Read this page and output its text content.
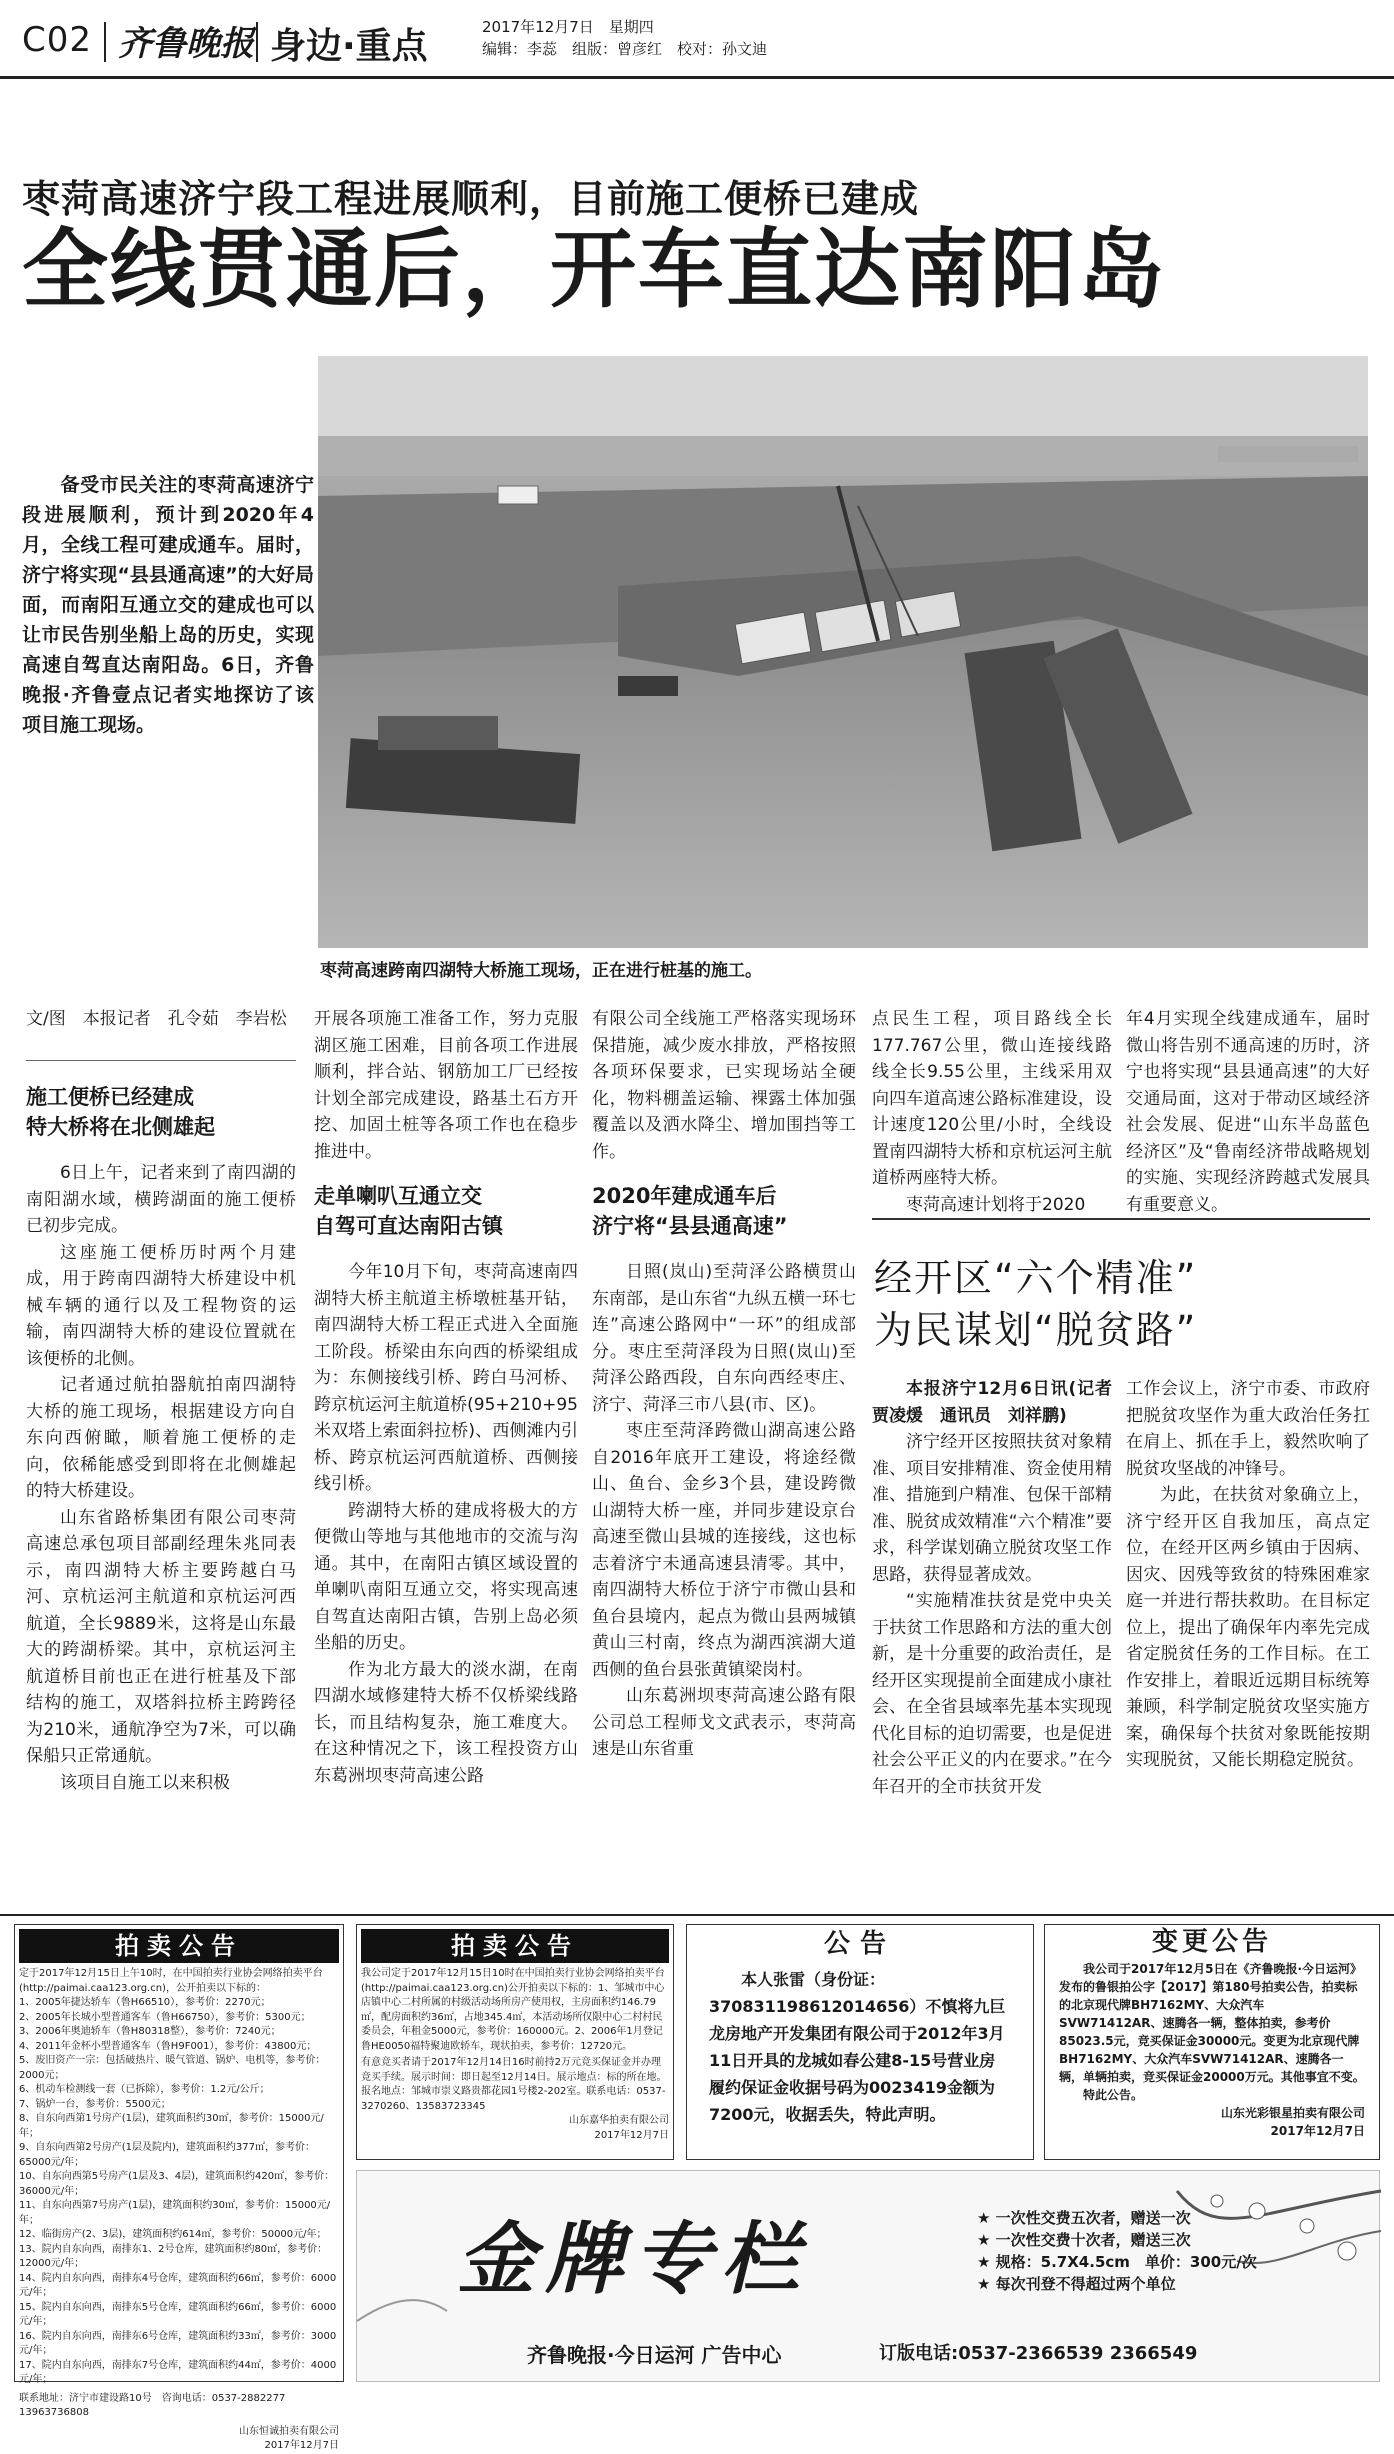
C02 齐鲁晚报 身边·重点	2017年12月7日　星期四
编辑：李蕊　组版：曾彦红　校对：孙文迪
枣菏高速济宁段工程进展顺利，目前施工便桥已建成
全线贯通后，开车直达南阳岛
备受市民关注的枣菏高速济宁段进展顺利，预计到2020年4月，全线工程可建成通车。届时，济宁将实现“县县通高速”的大好局面，而南阳互通立交的建成也可以让市民告别坐船上岛的历史，实现高速自驾直达南阳岛。6日，齐鲁晚报·齐鲁壹点记者实地探访了该项目施工现场。
枣菏高速跨南四湖特大桥施工现场，正在进行桩基的施工。
文/图　本报记者　孔令茹　李岩松
施工便桥已经建成
特大桥将在北侧雄起

6日上午，记者来到了南四湖的南阳湖水域，横跨湖面的施工便桥已初步完成。

这座施工便桥历时两个月建成，用于跨南四湖特大桥建设中机械车辆的通行以及工程物资的运输，南四湖特大桥的建设位置就在该便桥的北侧。

记者通过航拍器航拍南四湖特大桥的施工现场，根据建设方向自东向西俯瞰，顺着施工便桥的走向，依稀能感受到即将在北侧雄起的特大桥建设。

山东省路桥集团有限公司枣菏高速总承包项目部副经理朱兆同表示，南四湖特大桥主要跨越白马河、京杭运河主航道和京杭运河西航道，全长9889米，这将是山东最大的跨湖桥梁。其中，京杭运河主航道桥目前也正在进行桩基及下部结构的施工，双塔斜拉桥主跨跨径为210米，通航净空为7米，可以确保船只正常通航。

该项目自施工以来积极

开展各项施工准备工作，努力克服湖区施工困难，目前各项工作进展顺利，拌合站、钢筋加工厂已经按计划全部完成建设，路基土石方开挖、加固土桩等各项工作也在稳步推进中。

走单喇叭互通立交
自驾可直达南阳古镇

今年10月下旬，枣菏高速南四湖特大桥主航道主桥墩桩基开钻，南四湖特大桥工程正式进入全面施工阶段。桥梁由东向西的桥梁组成为：东侧接线引桥、跨白马河桥、跨京杭运河主航道桥(95+210+95米双塔上索面斜拉桥)、西侧滩内引桥、跨京杭运河西航道桥、西侧接线引桥。

跨湖特大桥的建成将极大的方便微山等地与其他地市的交流与沟通。其中，在南阳古镇区域设置的单喇叭南阳互通立交，将实现高速自驾直达南阳古镇，告别上岛必须坐船的历史。

作为北方最大的淡水湖，在南四湖水域修建特大桥不仅桥梁线路长，而且结构复杂，施工难度大。在这种情况之下，该工程投资方山东葛洲坝枣菏高速公路

有限公司全线施工严格落实现场环保措施，减少废水排放，严格按照各项环保要求，已实现场站全硬化，物料棚盖运输、裸露土体加强覆盖以及洒水降尘、增加围挡等工作。

2020年建成通车后
济宁将“县县通高速”

日照(岚山)至菏泽公路横贯山东南部，是山东省“九纵五横一环七连”高速公路网中“一环”的组成部分。枣庄至菏泽段为日照(岚山)至菏泽公路西段，自东向西经枣庄、济宁、菏泽三市八县(市、区)。

枣庄至菏泽跨微山湖高速公路自2016年底开工建设，将途经微山、鱼台、金乡3个县，建设跨微山湖特大桥一座，并同步建设京台高速至微山县城的连接线，这也标志着济宁未通高速县清零。其中，南四湖特大桥位于济宁市微山县和鱼台县境内，起点为微山县两城镇黄山三村南，终点为湖西滨湖大道西侧的鱼台县张黄镇梁岗村。

山东葛洲坝枣菏高速公路有限公司总工程师戈文武表示，枣菏高速是山东省重

点民生工程，项目路线全长177.767公里，微山连接线路线全长9.55公里，主线采用双向四车道高速公路标准建设，设计速度120公里/小时，全线设置南四湖特大桥和京杭运河主航道桥两座特大桥。

枣菏高速计划将于2020

年4月实现全线建成通车，届时微山将告别不通高速的历时，济宁也将实现“县县通高速”的大好交通局面，这对于带动区域经济社会发展、促进“山东半岛蓝色经济区”及“鲁南经济带战略规划的实施、实现经济跨越式发展具有重要意义。

经开区“六个精准”
为民谋划“脱贫路”

本报济宁12月6日讯(记者　贾凌煖　通讯员　刘祥鹏)

济宁经开区按照扶贫对象精准、项目安排精准、资金使用精准、措施到户精准、包保干部精准、脱贫成效精准“六个精准”要求，科学谋划确立脱贫攻坚工作思路，获得显著成效。

“实施精准扶贫是党中央关于扶贫工作思路和方法的重大创新，是十分重要的政治责任，是经开区实现提前全面建成小康社会、在全省县域率先基本实现现代化目标的迫切需要，也是促进社会公平正义的内在要求。”在今年召开的全市扶贫开发

工作会议上，济宁市委、市政府把脱贫攻坚作为重大政治任务扛在肩上、抓在手上，毅然吹响了脱贫攻坚战的冲锋号。

为此，在扶贫对象确立上，济宁经开区自我加压，高点定位，在经开区两乡镇由于因病、因灾、因残等致贫的特殊困难家庭一并进行帮扶救助。在目标定位上，提出了确保年内率先完成省定脱贫任务的工作目标。在工作安排上，着眼近远期目标统筹兼顾，科学制定脱贫攻坚实施方案，确保每个扶贫对象既能按期实现脱贫，又能长期稳定脱贫。

拍卖公告
定于2017年12月15日上午10时，在中国拍卖行业协会网络拍卖平台(http://paimai.caa123.org.cn)，公开拍卖以下标的：
1、2005年捷达轿车（鲁H66510），参考价：2270元；
2、2005年长城小型普通客车（鲁H66750），参考价：5300元；
3、2006年奥迪轿车（鲁H80318整），参考价：7240元；
4、2011年金杯小型普通客车（鲁H9F001），参考价：43800元；
5、废旧资产一宗：包括破热片、暖气管道、锅炉、电机等，参考价：2000元；
6、机动车检测线一套（已拆除），参考价：1.2元/公斤；
7、锅炉一台，参考价：5500元；
8、自东向西第1号房产(1层)，建筑面积约30㎡，参考价：15000元/年；
9、自东向西第2号房产(1层及院内)，建筑面积约377㎡，参考价：65000元/年；
10、自东向西第5号房产(1层及3、4层)，建筑面积约420㎡，参考价：36000元/年；
11、自东向西第7号房产(1层)，建筑面积约30㎡，参考价：15000元/年；
12、临街房产(2、3层)，建筑面积约614㎡，参考价：50000元/年；
13、院内自东向西，南排东1、2号仓库，建筑面积约80㎡，参考价：12000元/年；
14、院内自东向西，南排东4号仓库，建筑面积约66㎡，参考价：6000元/年；
15、院内自东向西，南排东5号仓库，建筑面积约66㎡，参考价：6000元/年；
16、院内自东向西，南排东6号仓库，建筑面积约33㎡，参考价：3000元/年；
17、院内自东向西，南排东7号仓库，建筑面积约44㎡，参考价：4000元/年；
联系地址：济宁市建设路10号　咨询电话：0537-2882277　13963736808
山东恒诚拍卖有限公司
2017年12月7日
拍卖公告
我公司定于2017年12月15日10时在中国拍卖行业协会网络拍卖平台(http://paimai.caa123.org.cn)公开拍卖以下标的：1、邹城市中心店镇中心二村所属的村级活动场所房产使用权，主房面积约146.79㎡，配房面积约36㎡，占地345.4㎡，本活动场所仅限中心二村村民委员会，年租金5000元，参考价：160000元。2、2006年1月登记鲁HE0050福特聚迪欧轿车，现状拍卖，参考价：12720元。
有意竞买者请于2017年12月14日16时前持2万元竞买保证金并办理竞买手续。展示时间：即日起至12月14日。展示地点：标的所在地。报名地点：邹城市崇义路贵都花园1号楼2-202室。联系电话：0537-3270260、13583723345
山东嘉华拍卖有限公司
2017年12月7日
公告
本人张雷（身份证：370831198612014656）不慎将九巨龙房地产开发集团有限公司于2012年3月11日开具的龙城如春公建8-15号营业房履约保证金收据号码为0023419金额为7200元，收据丢失，特此声明。
变更公告
我公司于2017年12月5日在《齐鲁晚报·今日运河》发布的鲁银拍公字【2017】第180号拍卖公告，拍卖标的北京现代牌BH7162MY、大众汽车SVW71412AR、速腾各一辆，整体拍卖，参考价85023.5元，竞买保证金30000元。变更为北京现代牌BH7162MY、大众汽车SVW71412AR、速腾各一辆，单辆拍卖，竞买保证金20000万元。其他事宜不变。
特此公告。
山东光彩银星拍卖有限公司
2017年12月7日
金牌专栏	★ 一次性交费五次者，赠送一次
★ 一次性交费十次者，赠送三次
★ 规格：5.7X4.5cm　单价：300元/次
★ 每次刊登不得超过两个单位
齐鲁晚报·今日运河 广告中心	订版电话:0537-2366539 2366549
